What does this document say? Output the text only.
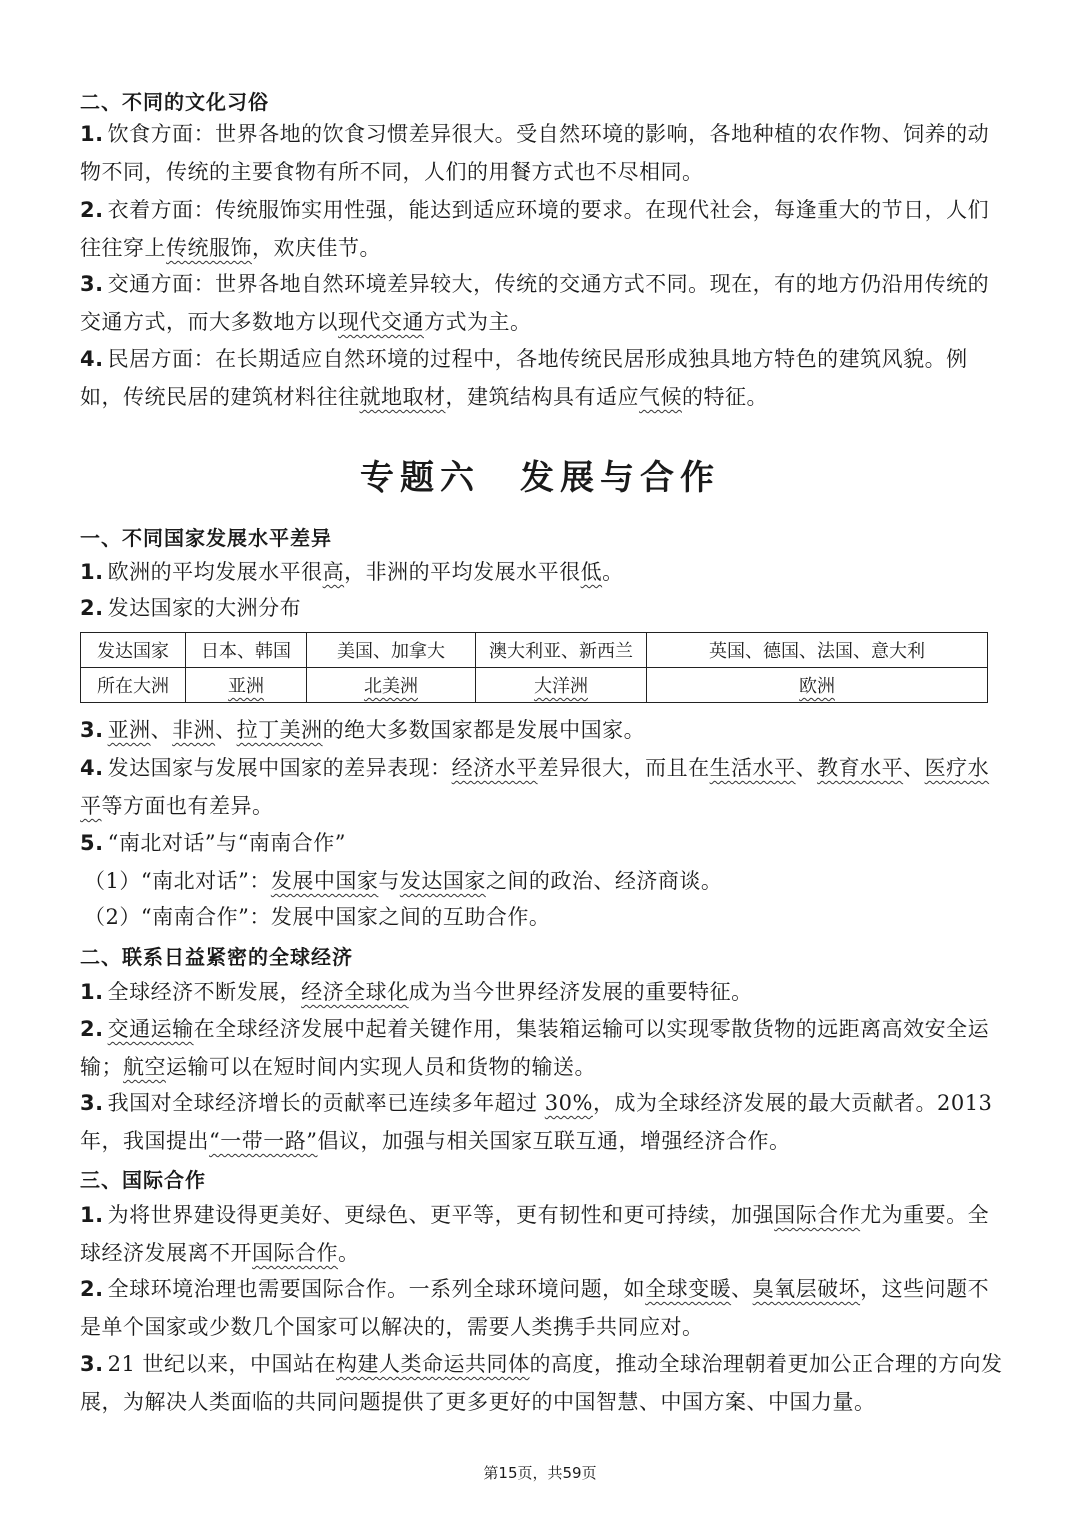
二、不同的文化习俗
1. 饮食方面：世界各地的饮食习惯差异很大。受自然环境的影响，各地种植的农作物、饲养的动物不同，传统的主要食物有所不同，人们的用餐方式也不尽相同。
2. 衣着方面：传统服饰实用性强，能达到适应环境的要求。在现代社会，每逢重大的节日，人们往往穿上传统服饰，欢庆佳节。
3. 交通方面：世界各地自然环境差异较大，传统的交通方式不同。现在，有的地方仍沿用传统的交通方式，而大多数地方以现代交通方式为主。
4. 民居方面：在长期适应自然环境的过程中，各地传统民居形成独具地方特色的建筑风貌。例如，传统民居的建筑材料往往就地取材，建筑结构具有适应气候的特征。
专题六　发展与合作
一、不同国家发展水平差异
1. 欧洲的平均发展水平很高，非洲的平均发展水平很低。
2. 发达国家的大洲分布
发达国家	日本、韩国	美国、加拿大	澳大利亚、新西兰	英国、德国、法国、意大利
所在大洲	亚洲	北美洲	大洋洲	欧洲
3. 亚洲、非洲、拉丁美洲的绝大多数国家都是发展中国家。
4. 发达国家与发展中国家的差异表现：经济水平差异很大，而且在生活水平、教育水平、医疗水平等方面也有差异。
5. “南北对话”与“南南合作”
（1）“南北对话”：发展中国家与发达国家之间的政治、经济商谈。
（2）“南南合作”：发展中国家之间的互助合作。
二、联系日益紧密的全球经济
1. 全球经济不断发展，经济全球化成为当今世界经济发展的重要特征。
2. 交通运输在全球经济发展中起着关键作用，集装箱运输可以实现零散货物的远距离高效安全运输；航空运输可以在短时间内实现人员和货物的输送。
3. 我国对全球经济增长的贡献率已连续多年超过 30%，成为全球经济发展的最大贡献者。2013年，我国提出“一带一路”倡议，加强与相关国家互联互通，增强经济合作。
三、国际合作
1. 为将世界建设得更美好、更绿色、更平等，更有韧性和更可持续，加强国际合作尤为重要。全球经济发展离不开国际合作。
2. 全球环境治理也需要国际合作。一系列全球环境问题，如全球变暖、臭氧层破坏，这些问题不是单个国家或少数几个国家可以解决的，需要人类携手共同应对。
3. 21 世纪以来，中国站在构建人类命运共同体的高度，推动全球治理朝着更加公正合理的方向发展，为解决人类面临的共同问题提供了更多更好的中国智慧、中国方案、中国力量。
第15页，共59页
